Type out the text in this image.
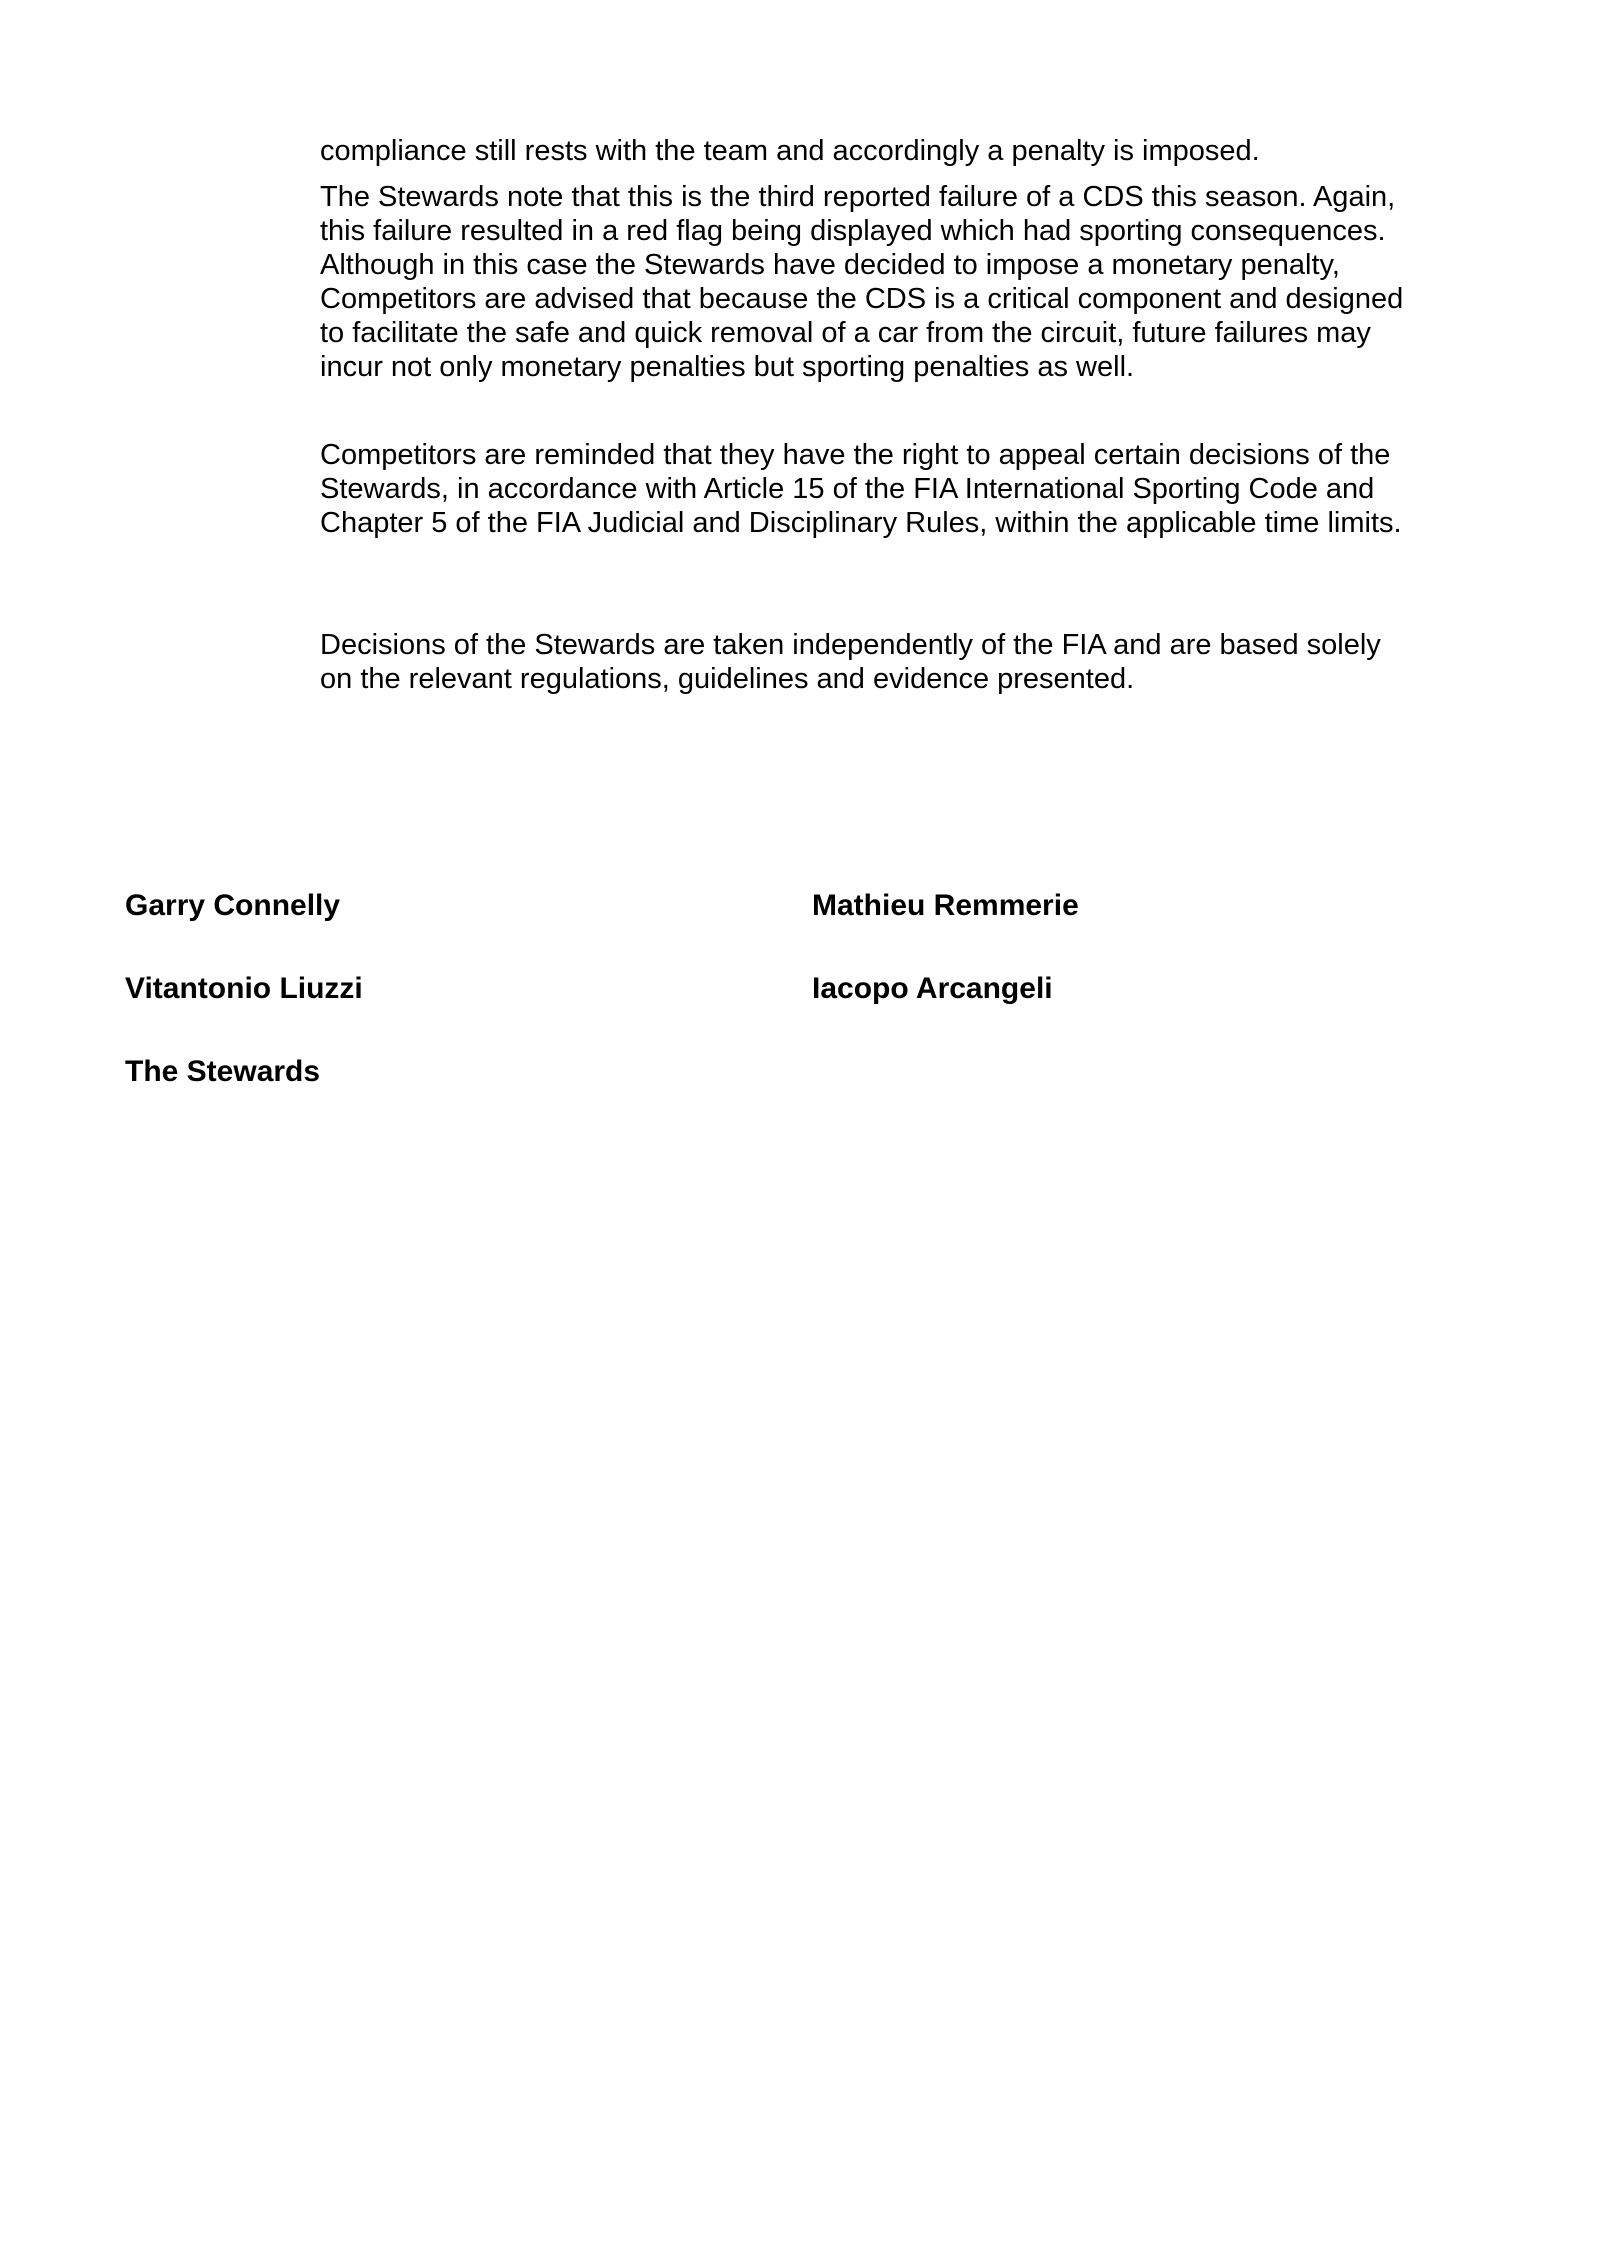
compliance still rests with the team and accordingly a penalty is imposed.

The Stewards note that this is the third reported failure of a CDS this season. Again,
this failure resulted in a red flag being displayed which had sporting consequences.
Although in this case the Stewards have decided to impose a monetary penalty,
Competitors are advised that because the CDS is a critical component and designed
to facilitate the safe and quick removal of a car from the circuit, future failures may
incur not only monetary penalties but sporting penalties as well.

Competitors are reminded that they have the right to appeal certain decisions of the
Stewards, in accordance with Article 15 of the FIA International Sporting Code and
Chapter 5 of the FIA Judicial and Disciplinary Rules, within the applicable time limits.

Decisions of the Stewards are taken independently of the FIA and are based solely
on the relevant regulations, guidelines and evidence presented.

Garry Connelly	Mathieu Remmerie
Vitantonio Liuzzi	Iacopo Arcangeli
The Stewards
